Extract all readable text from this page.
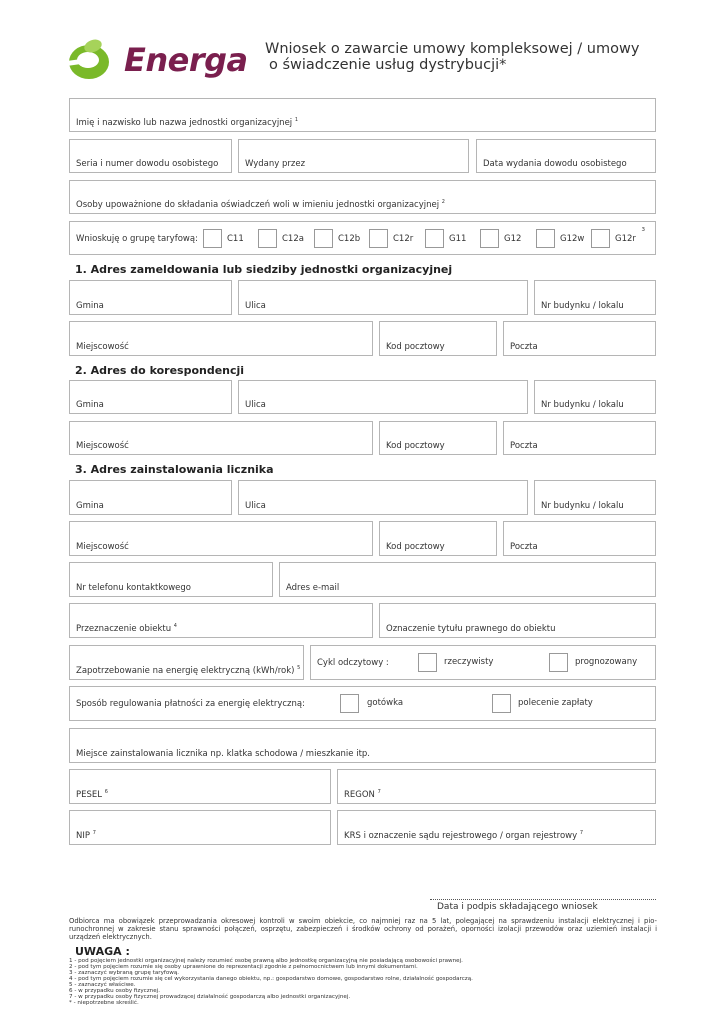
Energa Wniosek o zawarcie umowy kompleksowej / umowy
o świadczenie usług dystrybucji*
Imię i nazwisko lub nazwa jednostki organizacyjnej $^1$
Seria i numer dowodu osobistego	Wydany przez	Data wydania dowodu osobistego
Osoby upoważnione do składania oświadczeń woli w imieniu jednostki organizacyjnej $^2$
Wnioskuję o grupę taryfową:
3
C11	C12a	C12b	C12r	G11	G12	G12w	G12r
1. Adres zameldowania lub siedziby jednostki organizacyjnej
Gmina	Ulica	Nr budynku / lokalu
Miejscowość	Kod pocztowy	Poczta
2. Adres do korespondencji
Gmina	Ulica	Nr budynku / lokalu
Miejscowość	Kod pocztowy	Poczta
3. Adres zainstalowania licznika
Gmina	Ulica	Nr budynku / lokalu
Miejscowość	Kod pocztowy	Poczta
Nr telefonu kontaktkowego	Adres e-mail
Przeznaczenie obiektu $^4$	Oznaczenie tytułu prawnego do obiektu
Zapotrzebowanie na energię elektryczną (kWh/rok) $^5$
Cykl odczytowy :	rzeczywisty	prognozowany
Sposób regulowania płatności za energię elektryczną:	gotówka	polecenie zapłaty
Miejsce zainstalowania licznika np. klatka schodowa / mieszkanie itp.
PESEL $^6$	REGON $^7$
NIP $^7$	KRS i oznaczenie sądu rejestrowego / organ rejestrowy $^7$
Data i podpis składającego wniosek
Odbiorca ma obowiązek przeprowadzania okresowej kontroli w swoim obiekcie, co najmniej raz na 5 lat, polegającej na sprawdzeniu instalacji elektrycznej i pio-runochronnej w zakresie stanu sprawności połączeń, osprzętu, zabezpieczeń i środków ochrony od porażeń, oporności izolacji przewodów oraz uziemień instalacji i urządzeń elektrycznych.
UWAGA :
1 - pod pojęciem jednostki organizacyjnej należy rozumieć osobę prawną albo jednostkę organizacyjną nie posiadającą osobowości prawnej.
2 - pod tym pojęciem rozumie się osoby uprawnione do reprezentacji zgodnie z pełnomocnictwem lub innymi dokumentami.
3 - zaznaczyć wybraną grupę taryfową.
4 - pod tym pojęciem rozumie się cel wykorzystania danego obiektu, np.: gospodarstwo domowe, gospodarstwo rolne, działalność gospodarczą.
5 - zaznaczyć właściwe.
6 - w przypadku osoby fizycznej.
7 - w przypadku osoby fizycznej prowadzącej działalność gospodarczą albo jednostki organizacyjnej.
* - niepotrzebne skreślić.
